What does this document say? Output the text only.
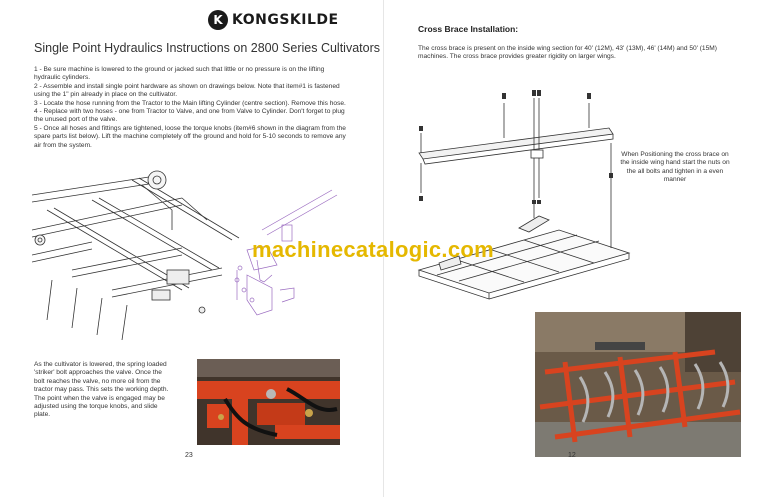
K KONGSKILDE
Single Point Hydraulics Instructions on 2800 Series Cultivators

1 - Be sure machine is lowered to the ground or jacked such that little or no pressure is on the lifting hydraulic cylinders.

2 - Assemble and install single point hardware as shown on drawings below. Note that item#1 is fastened using the 1" pin already in place on the cultivator.

3 - Locate the hose running from the Tractor to the Main lifting Cylinder (centre section). Remove this hose.

4 - Replace with two hoses - one from Tractor to Valve, and one from Valve to Cylinder. Don't forget to plug the unused port of the valve.

5 - Once all hoses and fittings are tightened, loose the torque knobs (item#6 shown in the diagram from the spare parts list below). Lift the machine completely off the ground and hold for 5-10 seconds to remove any air from the system.

As the cultivator is lowered, the spring loaded 'striker' bolt approaches the valve. Once the bolt reaches the valve, no more oil from the tractor may pass. This sets the working depth.

The point when the valve is engaged may be adjusted using the torque knobs, and slide plate.

23
Cross Brace Installation:

The cross brace is present on the inside wing section for 40' (12M), 43' (13M), 46' (14M) and 50' (15M) machines. The cross brace provides greater rigidity on larger wings.

When Positioning the cross brace on the inside wing hand start the nuts on the all bolts and tighten in a even manner

12
machinecatalogic.com
